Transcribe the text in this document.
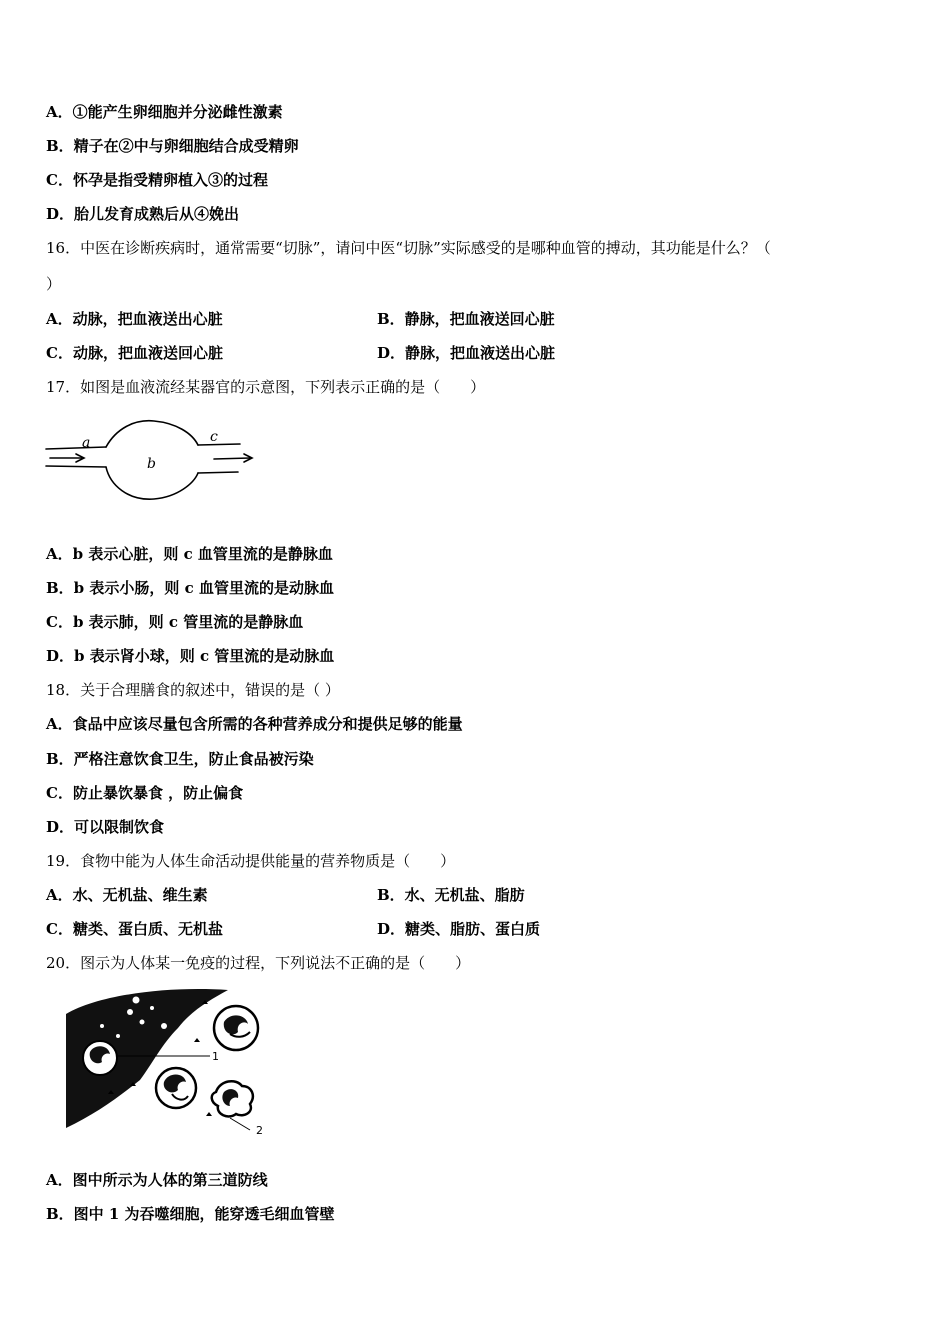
A．①能产生卵细胞并分泌雌性激素
B．精子在②中与卵细胞结合成受精卵
C．怀孕是指受精卵植入③的过程
D．胎儿发育成熟后从④娩出
16．中医在诊断疾病时，通常需要“切脉”，请问中医“切脉”实际感受的是哪种血管的搏动，其功能是什么？（
）
A．动脉，把血液送出心脏	B．静脉，把血液送回心脏
C．动脉，把血液送回心脏	D．静脉，把血液送出心脏
17．如图是血液流经某器官的示意图，下列表示正确的是（　　）
a
b
c
A．b 表示心脏，则 c 血管里流的是静脉血
B．b 表示小肠，则 c 血管里流的是动脉血
C．b 表示肺，则 c 管里流的是静脉血
D．b 表示肾小球，则 c 管里流的是动脉血
18．关于合理膳食的叙述中，错误的是（ ）
A．食品中应该尽量包含所需的各种营养成分和提供足够的能量
B．严格注意饮食卫生，防止食品被污染
C．防止暴饮暴食 ，防止偏食
D．可以限制饮食
19．食物中能为人体生命活动提供能量的营养物质是（　　）
A．水、无机盐、维生素	B．水、无机盐、脂肪
C．糖类、蛋白质、无机盐	D．糖类、脂肪、蛋白质
20．图示为人体某一免疫的过程，下列说法不正确的是（　　）
1
2
A．图中所示为人体的第三道防线
B．图中 1 为吞噬细胞，能穿透毛细血管壁
